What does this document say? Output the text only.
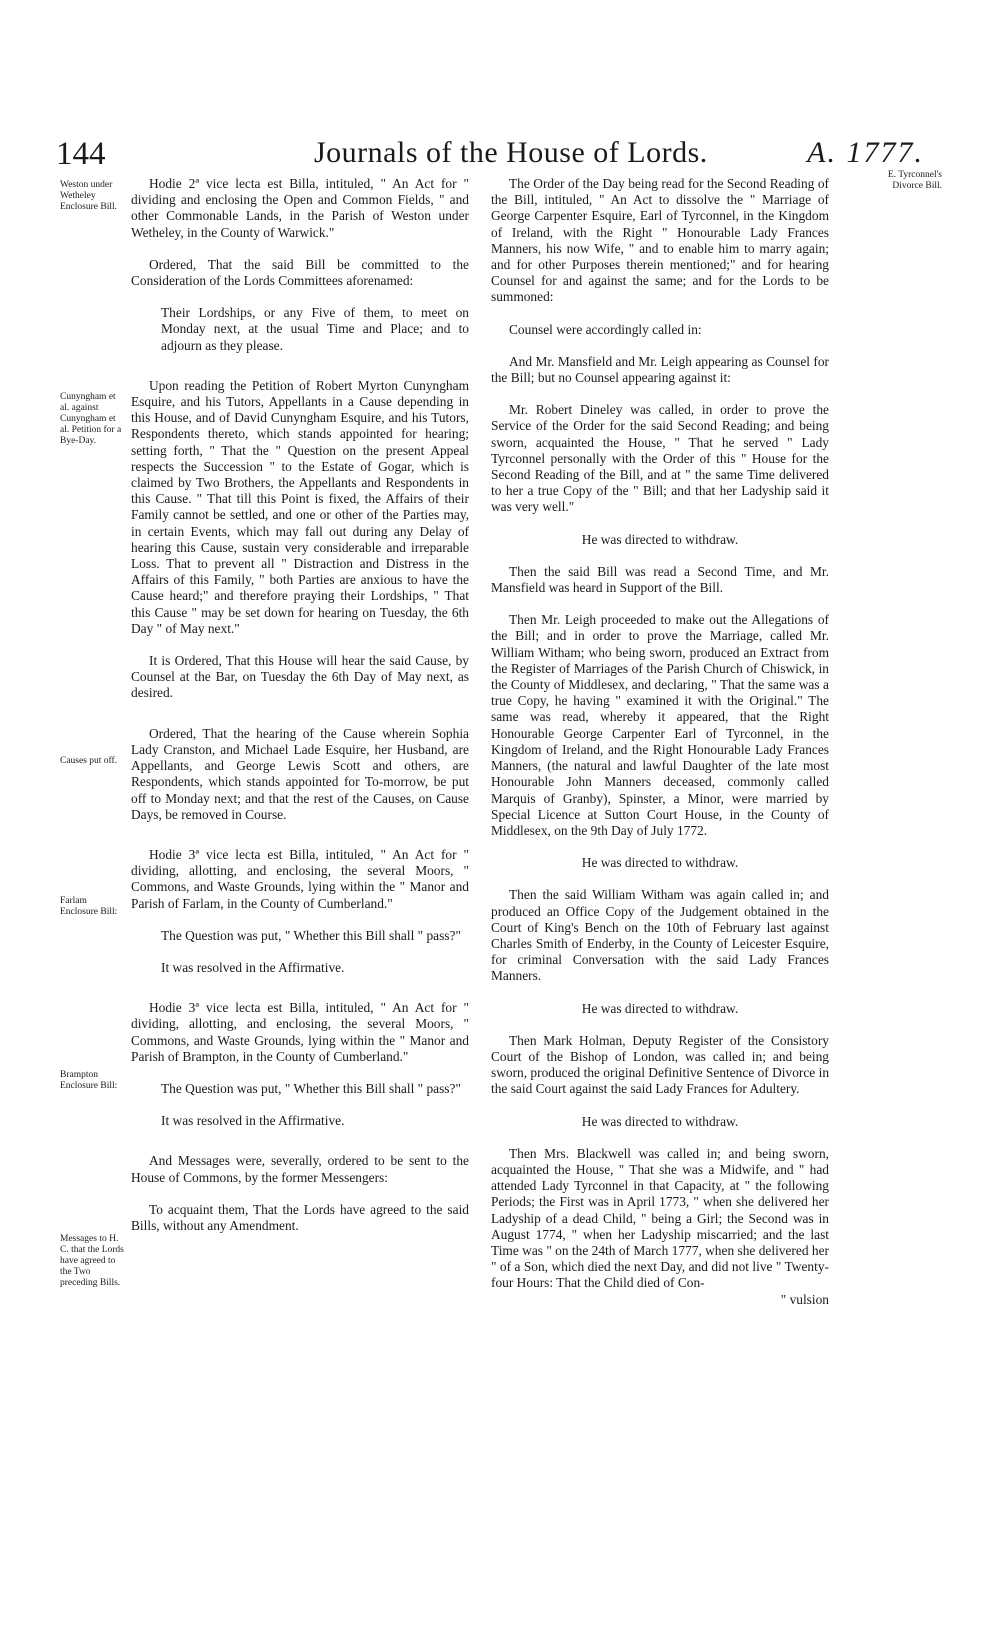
144	Journals of the House of Lords.	A. 1777.
Weston under Wetheley Enclosure Bill.
Cunyngham et al. against Cunyngham et al. Petition for a Bye-Day.
Causes put off.
Farlam Enclosure Bill:
Brampton Enclosure Bill:
Messages to H. C. that the Lords have agreed to the Two preceding Bills.
E. Tyrconnel's Divorce Bill.

Hodie 2ª vice lecta est Billa, intituled, " An Act for " dividing and enclosing the Open and Common Fields, " and other Commonable Lands, in the Parish of Weston under Wetheley, in the County of Warwick."

Ordered, That the said Bill be committed to the Consideration of the Lords Committees aforenamed:

Their Lordships, or any Five of them, to meet on Monday next, at the usual Time and Place; and to adjourn as they please.

Upon reading the Petition of Robert Myrton Cunyngham Esquire, and his Tutors, Appellants in a Cause depending in this House, and of David Cunyngham Esquire, and his Tutors, Respondents thereto, which stands appointed for hearing; setting forth, " That the " Question on the present Appeal respects the Succession " to the Estate of Gogar, which is claimed by Two Brothers, the Appellants and Respondents in this Cause. " That till this Point is fixed, the Affairs of their Family cannot be settled, and one or other of the Parties may, in certain Events, which may fall out during any Delay of hearing this Cause, sustain very considerable and irreparable Loss. That to prevent all " Distraction and Distress in the Affairs of this Family, " both Parties are anxious to have the Cause heard;" and therefore praying their Lordships, " That this Cause " may be set down for hearing on Tuesday, the 6th Day " of May next."

It is Ordered, That this House will hear the said Cause, by Counsel at the Bar, on Tuesday the 6th Day of May next, as desired.

Ordered, That the hearing of the Cause wherein Sophia Lady Cranston, and Michael Lade Esquire, her Husband, are Appellants, and George Lewis Scott and others, are Respondents, which stands appointed for To-morrow, be put off to Monday next; and that the rest of the Causes, on Cause Days, be removed in Course.

Hodie 3ª vice lecta est Billa, intituled, " An Act for " dividing, allotting, and enclosing, the several Moors, " Commons, and Waste Grounds, lying within the " Manor and Parish of Farlam, in the County of Cumberland."

The Question was put, " Whether this Bill shall " pass?"

It was resolved in the Affirmative.

Hodie 3ª vice lecta est Billa, intituled, " An Act for " dividing, allotting, and enclosing, the several Moors, " Commons, and Waste Grounds, lying within the " Manor and Parish of Brampton, in the County of Cumberland."

The Question was put, " Whether this Bill shall " pass?"

It was resolved in the Affirmative.

And Messages were, severally, ordered to be sent to the House of Commons, by the former Messengers:

To acquaint them, That the Lords have agreed to the said Bills, without any Amendment.

The Order of the Day being read for the Second Reading of the Bill, intituled, " An Act to dissolve the " Marriage of George Carpenter Esquire, Earl of Tyrconnel, in the Kingdom of Ireland, with the Right " Honourable Lady Frances Manners, his now Wife, " and to enable him to marry again; and for other Purposes therein mentioned;" and for hearing Counsel for and against the same; and for the Lords to be summoned:

Counsel were accordingly called in:

And Mr. Mansfield and Mr. Leigh appearing as Counsel for the Bill; but no Counsel appearing against it:

Mr. Robert Dineley was called, in order to prove the Service of the Order for the said Second Reading; and being sworn, acquainted the House, " That he served " Lady Tyrconnel personally with the Order of this " House for the Second Reading of the Bill, and at " the same Time delivered to her a true Copy of the " Bill; and that her Ladyship said it was very well."

He was directed to withdraw.

Then the said Bill was read a Second Time, and Mr. Mansfield was heard in Support of the Bill.

Then Mr. Leigh proceeded to make out the Allegations of the Bill; and in order to prove the Marriage, called Mr. William Witham; who being sworn, produced an Extract from the Register of Marriages of the Parish Church of Chiswick, in the County of Middlesex, and declaring, " That the same was a true Copy, he having " examined it with the Original." The same was read, whereby it appeared, that the Right Honourable George Carpenter Earl of Tyrconnel, in the Kingdom of Ireland, and the Right Honourable Lady Frances Manners, (the natural and lawful Daughter of the late most Honourable John Manners deceased, commonly called Marquis of Granby), Spinster, a Minor, were married by Special Licence at Sutton Court House, in the County of Middlesex, on the 9th Day of July 1772.

He was directed to withdraw.

Then the said William Witham was again called in; and produced an Office Copy of the Judgement obtained in the Court of King's Bench on the 10th of February last against Charles Smith of Enderby, in the County of Leicester Esquire, for criminal Conversation with the said Lady Frances Manners.

He was directed to withdraw.

Then Mark Holman, Deputy Register of the Consistory Court of the Bishop of London, was called in; and being sworn, produced the original Definitive Sentence of Divorce in the said Court against the said Lady Frances for Adultery.

He was directed to withdraw.

Then Mrs. Blackwell was called in; and being sworn, acquainted the House, " That she was a Midwife, and " had attended Lady Tyrconnel in that Capacity, at " the following Periods; the First was in April 1773, " when she delivered her Ladyship of a dead Child, " being a Girl; the Second was in August 1774, " when her Ladyship miscarried; and the last Time was " on the 24th of March 1777, when she delivered her " of a Son, which died the next Day, and did not live " Twenty-four Hours: That the Child died of Con-

" vulsion
